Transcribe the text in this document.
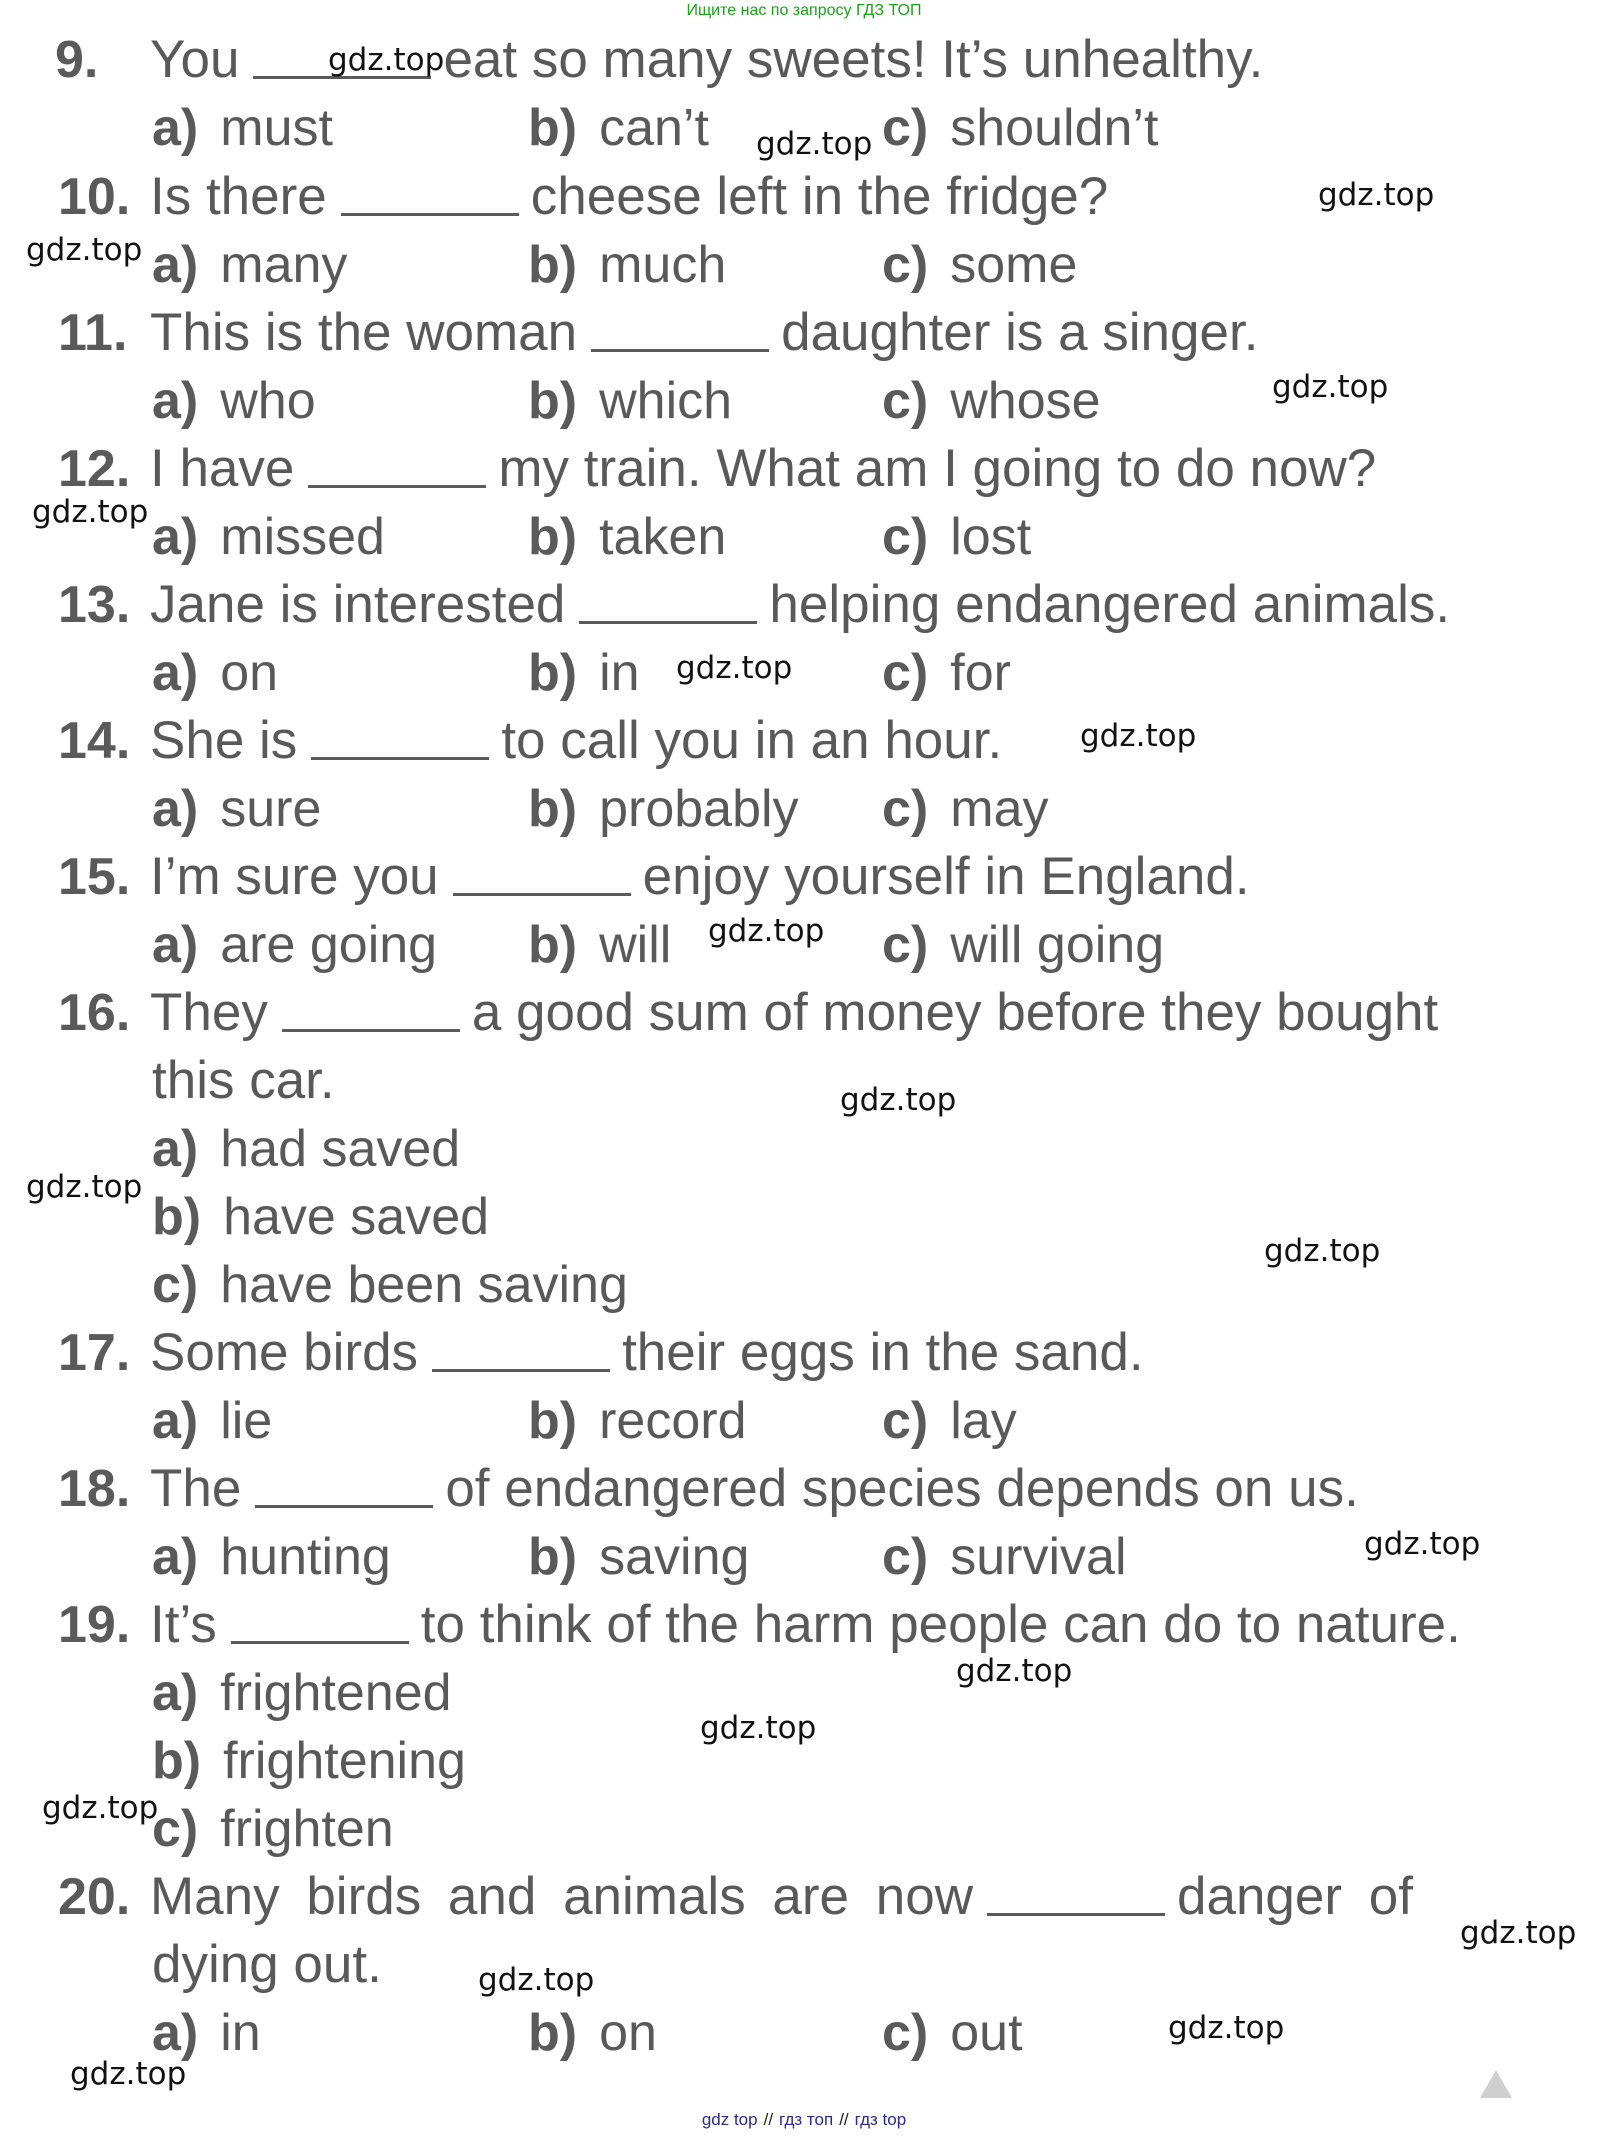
Ищите нас по запросу ГДЗ ТОП
9. You	eat so many sweets! It’s unhealthy.
a) must	b) can’t	c) shouldn’t
10. Is there	cheese left in the fridge?
a) many	b) much	c) some
11. This is the woman	daughter is a singer.
a) who	b) which	c) whose
12. I have	my train. What am I going to do now?
a) missed	b) taken	c) lost
13. Jane is interested	helping endangered animals.
a) on	b) in	c) for
14. She is	to call you in an hour.
a) sure	b) probably c) may
15. I’m sure you	enjoy yourself in England.
a) are going b) will	c) will going
16. They	a good sum of money before they bought
this car.
a) had saved
b) have saved
c) have been saving
17. Some birds	their eggs in the sand.
a) lie	b) record	c) lay
18. The	of endangered species depends on us.
a) hunting	b) saving	c) survival
19. It’s	to think of the harm people can do to nature.
a) frightened
b) frightening
c) frighten
20. Many birds and animals are now	danger of
dying out.
a) in	b) on	c) out
gdz.top
gdz.top
gdz.top
gdz.top
gdz.top
gdz.top
gdz.top
gdz.top
gdz.top
gdz.top
gdz.top
gdz.top
gdz.top
gdz.top
gdz.top
gdz.top
gdz.top
gdz.top
gdz.top
gdz.top
gdz top // гдз топ // гдз top
